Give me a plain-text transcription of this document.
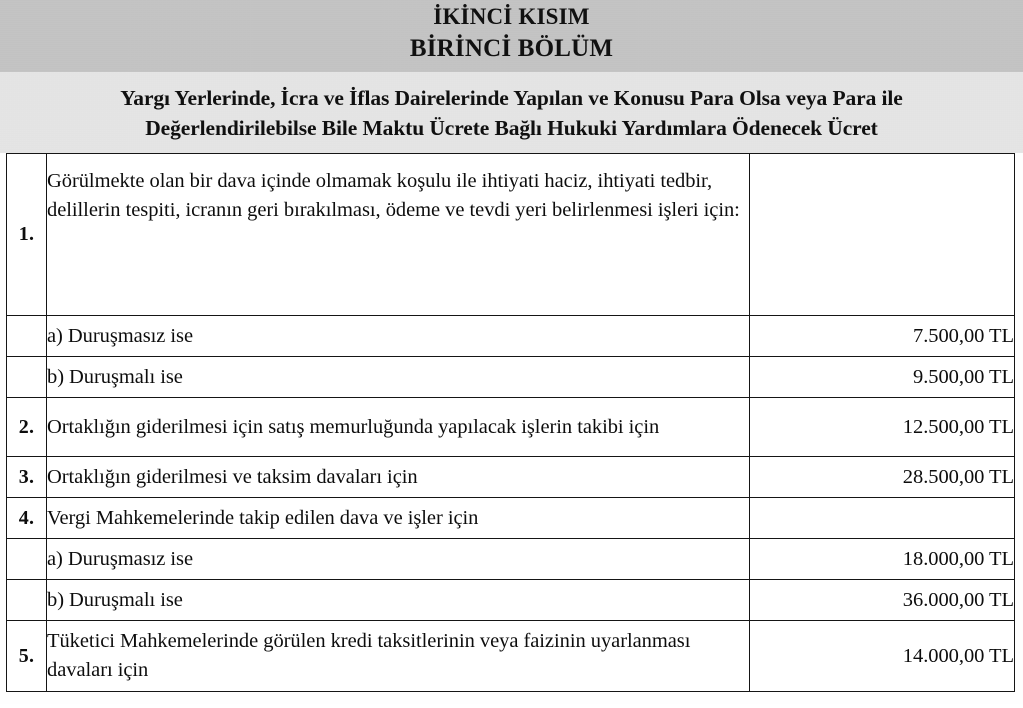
İKİNCİ KISIM
BİRİNCİ BÖLÜM
Yargı Yerlerinde, İcra ve İflas Dairelerinde Yapılan ve Konusu Para Olsa veya Para ile Değerlendirilebilse Bile Maktu Ücrete Bağlı Hukuki Yardımlara Ödenecek Ücret
1.	Görülmekte olan bir dava içinde olmamak koşulu ile ihtiyati haciz, ihtiyati tedbir, delillerin tespiti, icranın geri bırakılması, ödeme ve tevdi yeri belirlenmesi işleri için:	
	a) Duruşmasız ise	7.500,00 TL
	b) Duruşmalı ise	9.500,00 TL
2.	Ortaklığın giderilmesi için satış memurluğunda yapılacak işlerin takibi için	12.500,00 TL
3.	Ortaklığın giderilmesi ve taksim davaları için	28.500,00 TL
4.	Vergi Mahkemelerinde takip edilen dava ve işler için	
	a) Duruşmasız ise	18.000,00 TL
	b) Duruşmalı ise	36.000,00 TL
5.	Tüketici Mahkemelerinde görülen kredi taksitlerinin veya faizinin uyarlanması davaları için	14.000,00 TL
